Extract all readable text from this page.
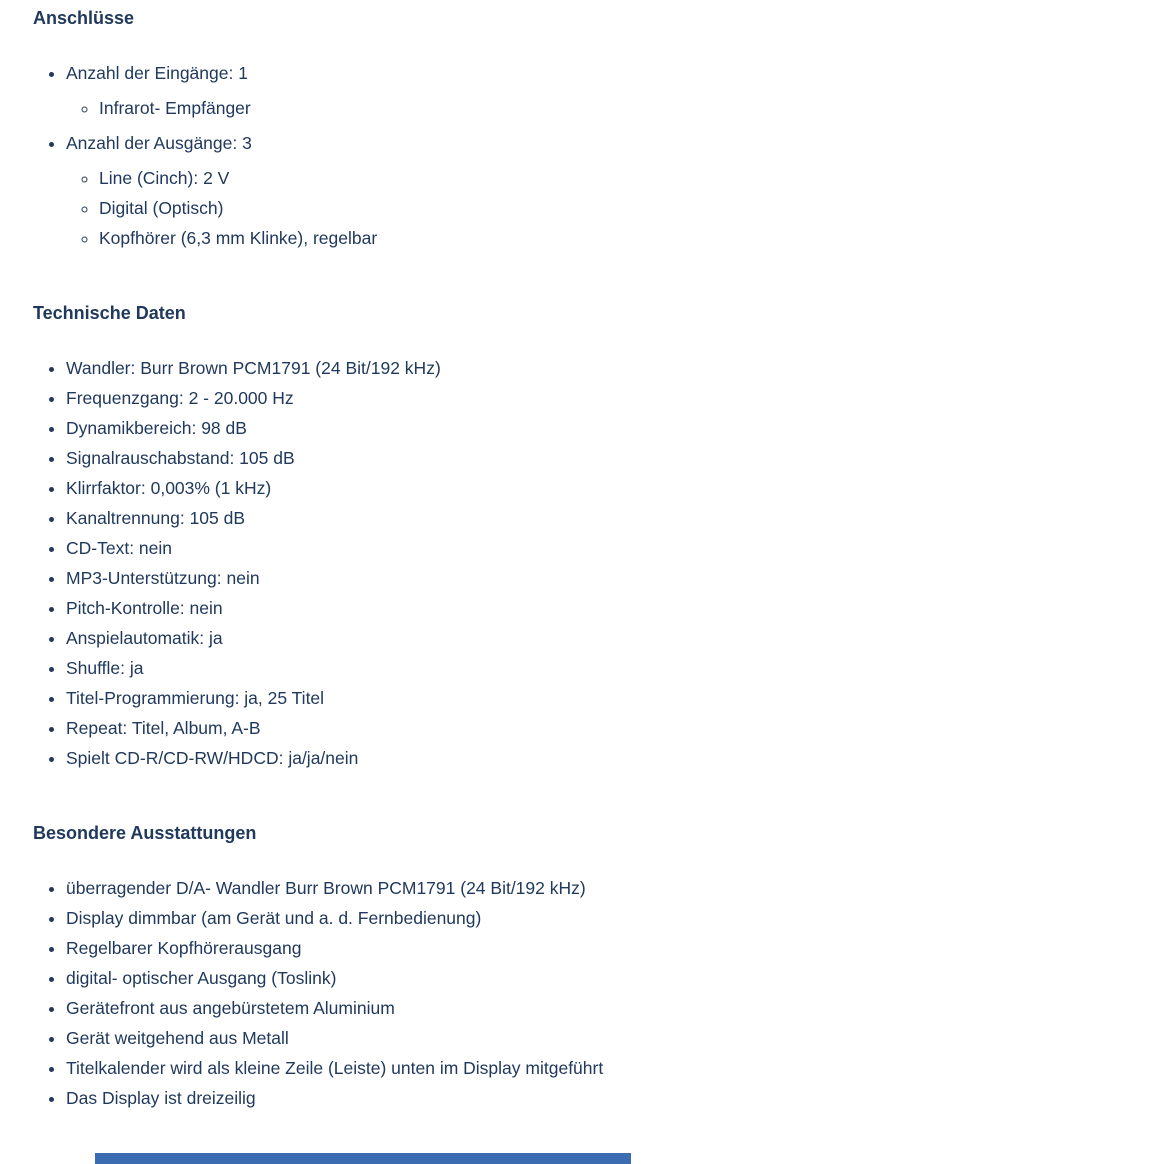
Anschlüsse
• Anzahl der Eingänge: 1
◦ Infrarot- Empfänger
• Anzahl der Ausgänge: 3
◦ Line (Cinch): 2 V
◦ Digital (Optisch)
◦ Kopfhörer (6,3 mm Klinke), regelbar
Technische Daten
• Wandler: Burr Brown PCM1791 (24 Bit/192 kHz)
• Frequenzgang: 2 - 20.000 Hz
• Dynamikbereich: 98 dB
• Signalrauschabstand: 105 dB
• Klirrfaktor: 0,003% (1 kHz)
• Kanaltrennung: 105 dB
• CD-Text: nein
• MP3-Unterstützung: nein
• Pitch-Kontrolle: nein
• Anspielautomatik: ja
• Shuffle: ja
• Titel-Programmierung: ja, 25 Titel
• Repeat: Titel, Album, A-B
• Spielt CD-R/CD-RW/HDCD: ja/ja/nein
Besondere Ausstattungen
• überragender D/A- Wandler Burr Brown PCM1791 (24 Bit/192 kHz)
• Display dimmbar (am Gerät und a. d. Fernbedienung)
• Regelbarer Kopfhörerausgang
• digital- optischer Ausgang (Toslink)
• Gerätefront aus angebürstetem Aluminium
• Gerät weitgehend aus Metall
• Titelkalender wird als kleine Zeile (Leiste) unten im Display mitgeführt
• Das Display ist dreizeilig
